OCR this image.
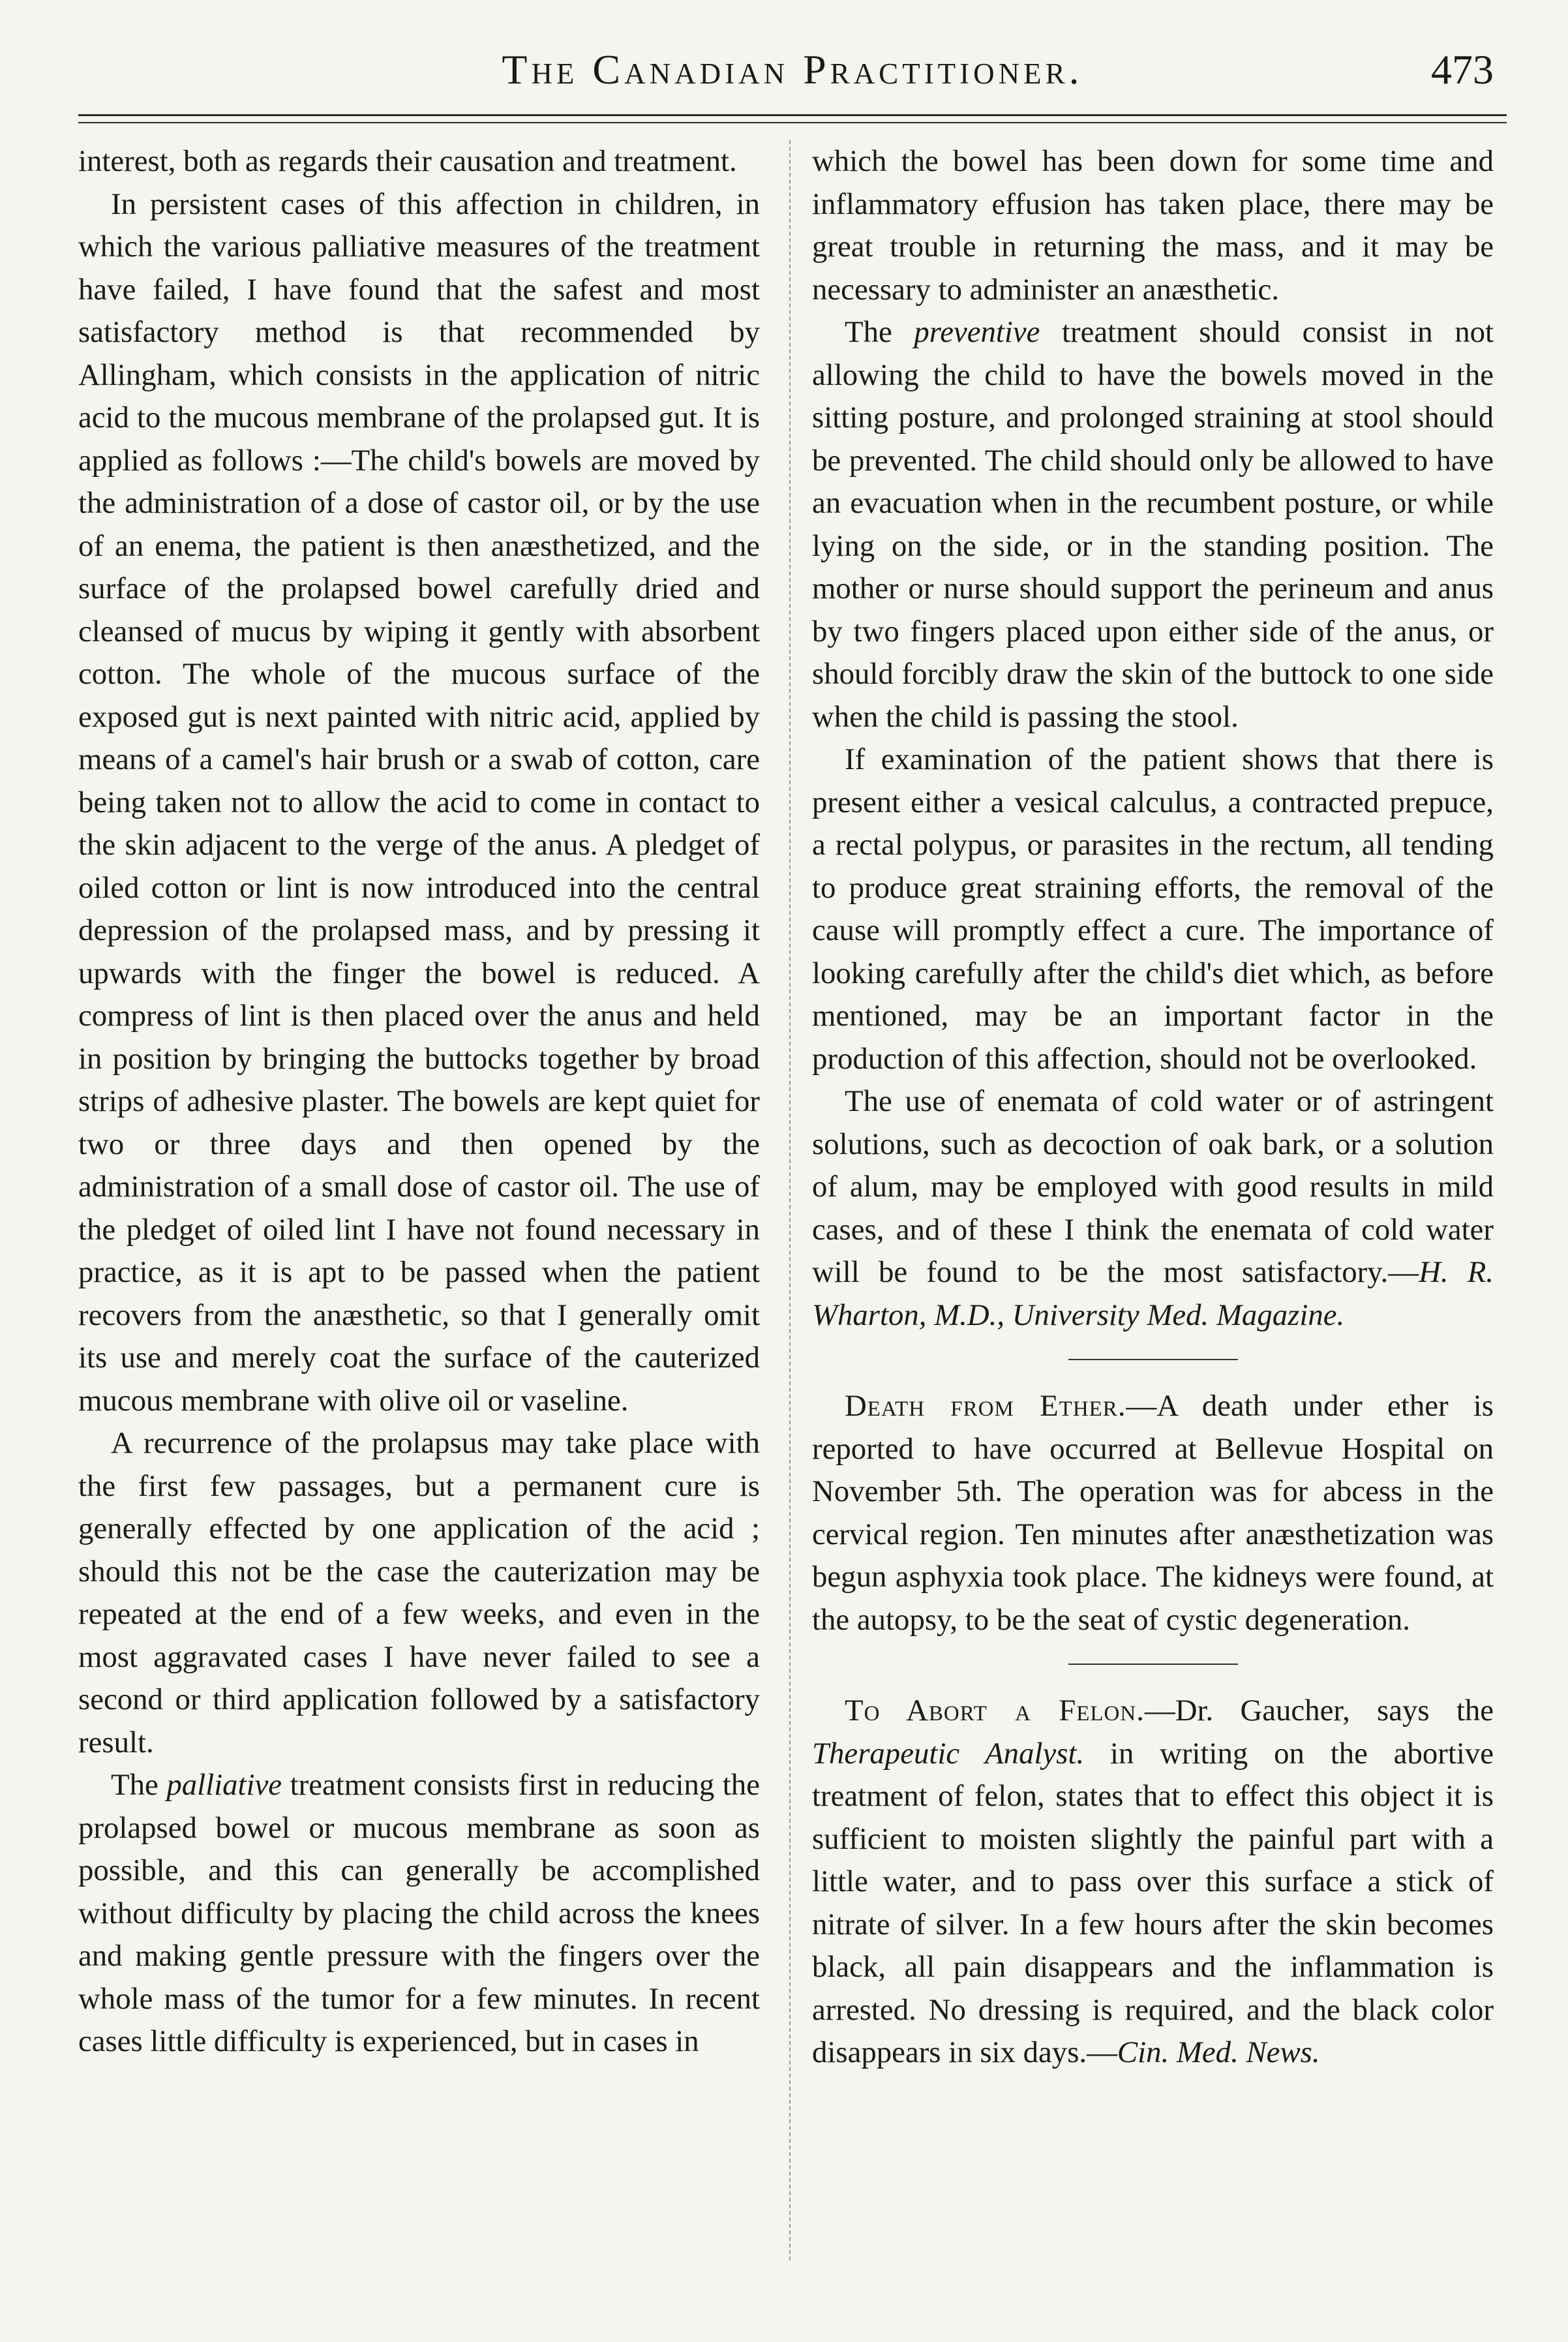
The Canadian Practitioner.	473

interest, both as regards their causation and treatment.

In persistent cases of this affection in children, in which the various palliative measures of the treatment have failed, I have found that the safest and most satisfactory method is that recommended by Allingham, which consists in the application of nitric acid to the mucous membrane of the prolapsed gut. It is applied as follows :—The child's bowels are moved by the administration of a dose of castor oil, or by the use of an enema, the patient is then anæsthetized, and the surface of the prolapsed bowel carefully dried and cleansed of mucus by wiping it gently with absorbent cotton. The whole of the mucous surface of the exposed gut is next painted with nitric acid, applied by means of a camel's hair brush or a swab of cotton, care being taken not to allow the acid to come in contact to the skin adjacent to the verge of the anus. A pledget of oiled cotton or lint is now introduced into the central depression of the prolapsed mass, and by pressing it upwards with the finger the bowel is reduced. A compress of lint is then placed over the anus and held in position by bringing the buttocks together by broad strips of adhesive plaster. The bowels are kept quiet for two or three days and then opened by the administration of a small dose of castor oil. The use of the pledget of oiled lint I have not found necessary in practice, as it is apt to be passed when the patient recovers from the anæsthetic, so that I generally omit its use and merely coat the surface of the cauterized mucous membrane with olive oil or vaseline.

A recurrence of the prolapsus may take place with the first few passages, but a permanent cure is generally effected by one application of the acid ; should this not be the case the cauterization may be repeated at the end of a few weeks, and even in the most aggravated cases I have never failed to see a second or third application followed by a satisfactory result.

The palliative treatment consists first in reducing the prolapsed bowel or mucous membrane as soon as possible, and this can generally be accomplished without difficulty by placing the child across the knees and making gentle pressure with the fingers over the whole mass of the tumor for a few minutes. In recent cases little difficulty is experienced, but in cases in

which the bowel has been down for some time and inflammatory effusion has taken place, there may be great trouble in returning the mass, and it may be necessary to administer an anæsthetic.

The preventive treatment should consist in not allowing the child to have the bowels moved in the sitting posture, and prolonged straining at stool should be prevented. The child should only be allowed to have an evacuation when in the recumbent posture, or while lying on the side, or in the standing position. The mother or nurse should support the perineum and anus by two fingers placed upon either side of the anus, or should forcibly draw the skin of the buttock to one side when the child is passing the stool.

If examination of the patient shows that there is present either a vesical calculus, a contracted prepuce, a rectal polypus, or parasites in the rectum, all tending to produce great straining efforts, the removal of the cause will promptly effect a cure. The importance of looking carefully after the child's diet which, as before mentioned, may be an important factor in the production of this affection, should not be overlooked.

The use of enemata of cold water or of astringent solutions, such as decoction of oak bark, or a solution of alum, may be employed with good results in mild cases, and of these I think the enemata of cold water will be found to be the most satisfactory.—H. R. Wharton, M.D., University Med. Magazine.

Death from Ether.—A death under ether is reported to have occurred at Bellevue Hospital on November 5th. The operation was for abcess in the cervical region. Ten minutes after anæsthetization was begun asphyxia took place. The kidneys were found, at the autopsy, to be the seat of cystic degeneration.

To Abort a Felon.—Dr. Gaucher, says the Therapeutic Analyst. in writing on the abortive treatment of felon, states that to effect this object it is sufficient to moisten slightly the painful part with a little water, and to pass over this surface a stick of nitrate of silver. In a few hours after the skin becomes black, all pain disappears and the inflammation is arrested. No dressing is required, and the black color disappears in six days.—Cin. Med. News.
